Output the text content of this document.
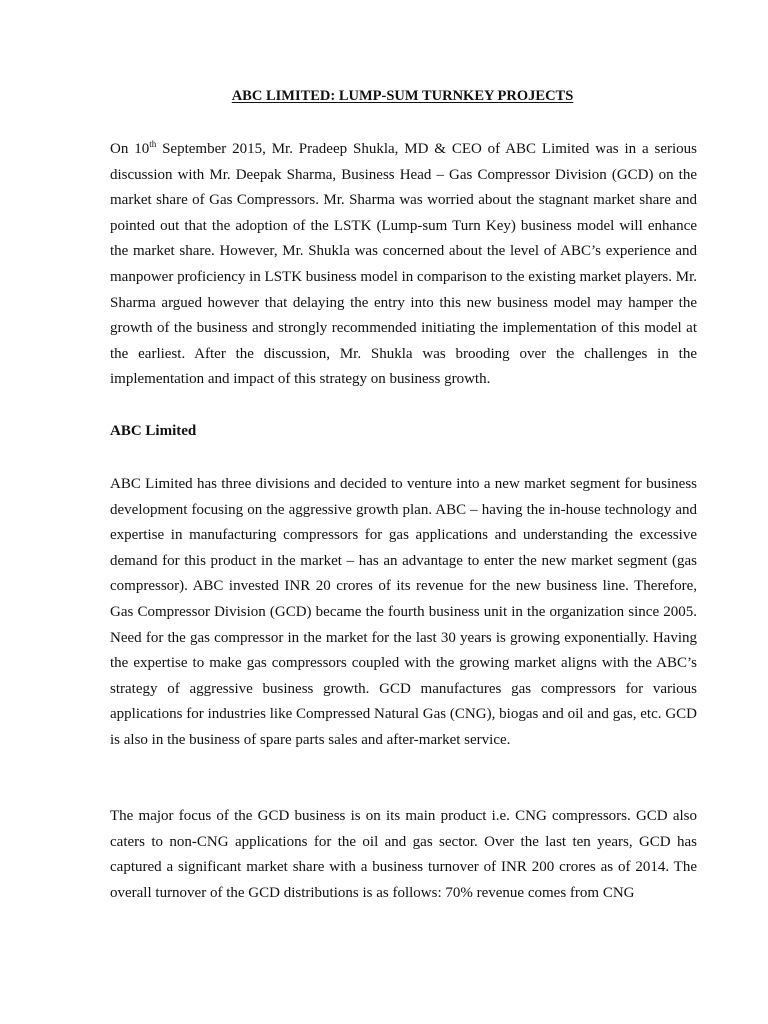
ABC LIMITED: LUMP-SUM TURNKEY PROJECTS

On 10th September 2015, Mr. Pradeep Shukla, MD & CEO of ABC Limited was in a serious discussion with Mr. Deepak Sharma, Business Head – Gas Compressor Division (GCD) on the market share of Gas Compressors. Mr. Sharma was worried about the stagnant market share and pointed out that the adoption of the LSTK (Lump-sum Turn Key) business model will enhance the market share. However, Mr. Shukla was concerned about the level of ABC’s experience and manpower proficiency in LSTK business model in comparison to the existing market players. Mr. Sharma argued however that delaying the entry into this new business model may hamper the growth of the business and strongly recommended initiating the implementation of this model at the earliest. After the discussion, Mr. Shukla was brooding over the challenges in the implementation and impact of this strategy on business growth.

ABC Limited

ABC Limited has three divisions and decided to venture into a new market segment for business development focusing on the aggressive growth plan. ABC – having the in-house technology and expertise in manufacturing compressors for gas applications and understanding the excessive demand for this product in the market – has an advantage to enter the new market segment (gas compressor). ABC invested INR 20 crores of its revenue for the new business line. Therefore, Gas Compressor Division (GCD) became the fourth business unit in the organization since 2005. Need for the gas compressor in the market for the last 30 years is growing exponentially. Having the expertise to make gas compressors coupled with the growing market aligns with the ABC’s strategy of aggressive business growth. GCD manufactures gas compressors for various applications for industries like Compressed Natural Gas (CNG), biogas and oil and gas, etc. GCD is also in the business of spare parts sales and after-market service.

The major focus of the GCD business is on its main product i.e. CNG compressors. GCD also caters to non-CNG applications for the oil and gas sector. Over the last ten years, GCD has captured a significant market share with a business turnover of INR 200 crores as of 2014. The overall turnover of the GCD distributions is as follows: 70% revenue comes from CNG
